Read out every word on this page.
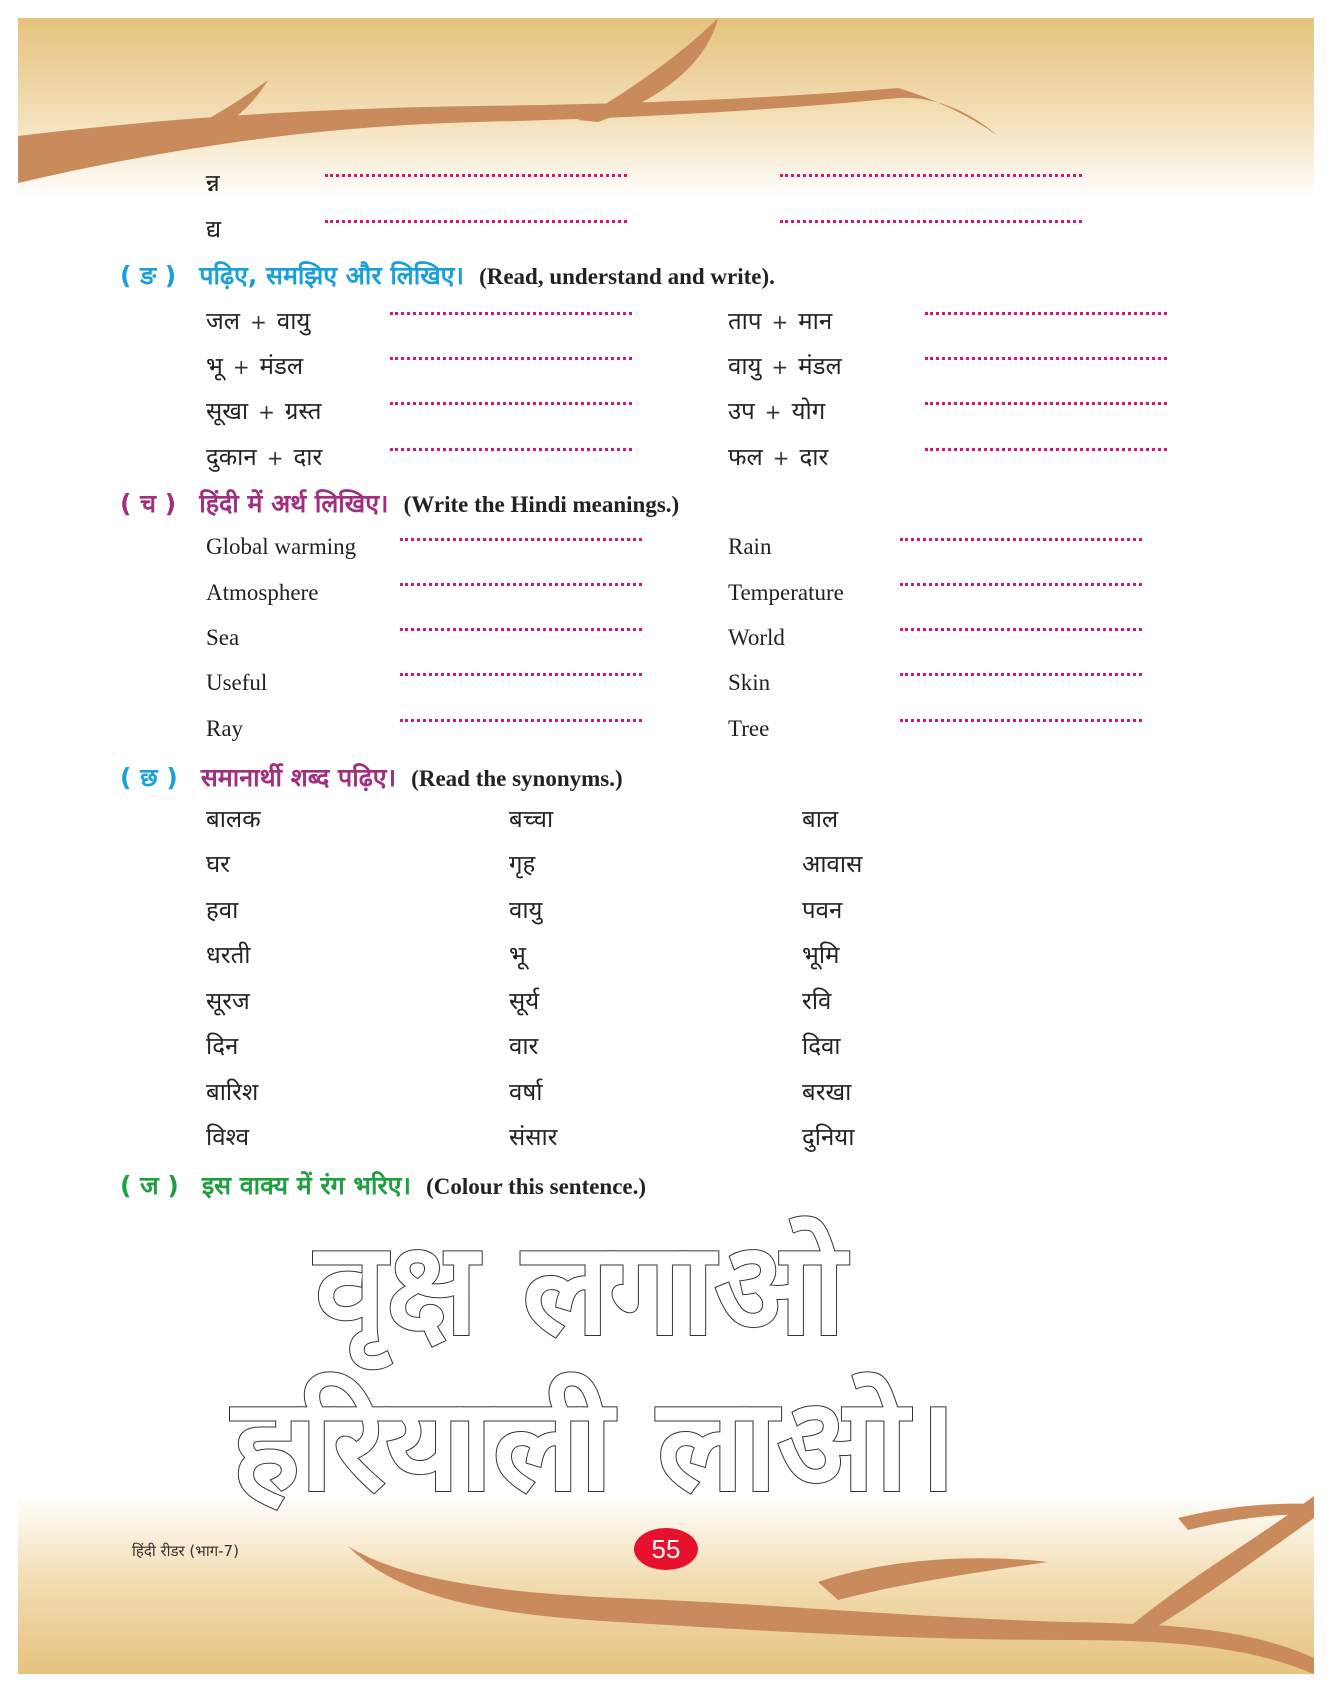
न्न
द्य
( ङ ) पढ़िए, समझिए और लिखिए। (Read, understand and write).
जल + वायु	ताप + मान
भू + मंडल	वायु + मंडल
सूखा + ग्रस्त	उप + योग
दुकान + दार	फल + दार
( च ) हिंदी में अर्थ लिखिए। (Write the Hindi meanings.)
Global warming	Rain
Atmosphere	Temperature
Sea	World
Useful	Skin
Ray	Tree
( छ ) समानार्थी शब्द पढ़िए। (Read the synonyms.)
बालक	बच्चा	बाल
घर	गृह	आवास
हवा	वायु	पवन
धरती	भू	भूमि
सूरज	सूर्य	रवि
दिन	वार	दिवा
बारिश	वर्षा	बरखा
विश्व	संसार	दुनिया
( ज ) इस वाक्य में रंग भरिए। (Colour this sentence.)
वृक्ष लगाओ
हरियाली लाओ।
हिंदी रीडर (भाग-7)	55
